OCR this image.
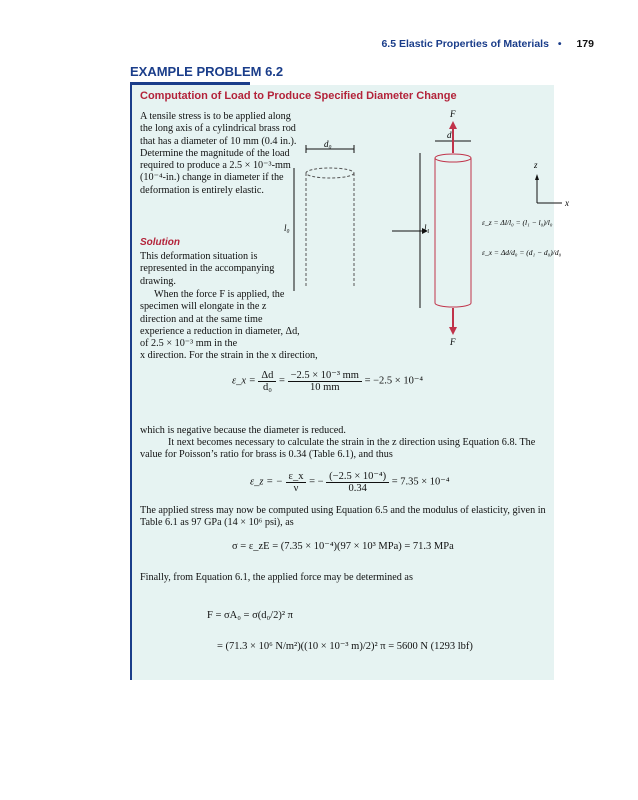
6.5 Elastic Properties of Materials • 179
EXAMPLE PROBLEM 6.2
Computation of Load to Produce Specified Diameter Change
A tensile stress is to be applied along the long axis of a cylindrical brass rod that has a diameter of 10 mm (0.4 in.). Determine the magnitude of the load required to produce a 2.5 × 10⁻³-mm (10⁻⁴-in.) change in diameter if the deformation is entirely elastic.
Solution
This deformation situation is represented in the accompanying drawing.
When the force F is applied, the specimen will elongate in the z direction and at the same time experience a reduction in diameter, Δd, of 2.5 × 10⁻³ mm in the
x direction. For the strain in the x direction,
d₀
l₀
d₁
l₁
F
F
z
x
ε_z = Δl/l₀ = (l₁ − l₀)/l₀
ε_x = Δd/d₀ = (d₁ − d₀)/d₀
ε_x = $\frac{\Delta d}{\text{d₀}} = \frac{\text{−2.5 × 10⁻³ mm}}{10 mm} = -2.5 \times 10^{-4}$
which is negative because the diameter is reduced.
It next becomes necessary to calculate the strain in the z direction using Equation 6.8. The value for Poisson’s ratio for brass is 0.34 (Table 6.1), and thus
ε_z = − $\frac{\varepsilon\_x}{\nu}$ = − $\frac{\text{(−2.5 × 10⁻⁴)}}{0.34} = 7.35 \times 10^{-4}$
The applied stress may now be computed using Equation 6.5 and the modulus of elasticity, given in Table 6.1 as 97 GPa (14 × 10⁶ psi), as
σ = ε_zE = (7.35 × 10⁻⁴)(97 × 10³ MPa) = 71.3 MPa
Finally, from Equation 6.1, the applied force may be determined as
F = σA₀ = σ(d₀/2)² π
= (71.3 × 10⁶ N/m²)((10 × 10⁻³ m)/2)² π = 5600 N (1293 lbf)
